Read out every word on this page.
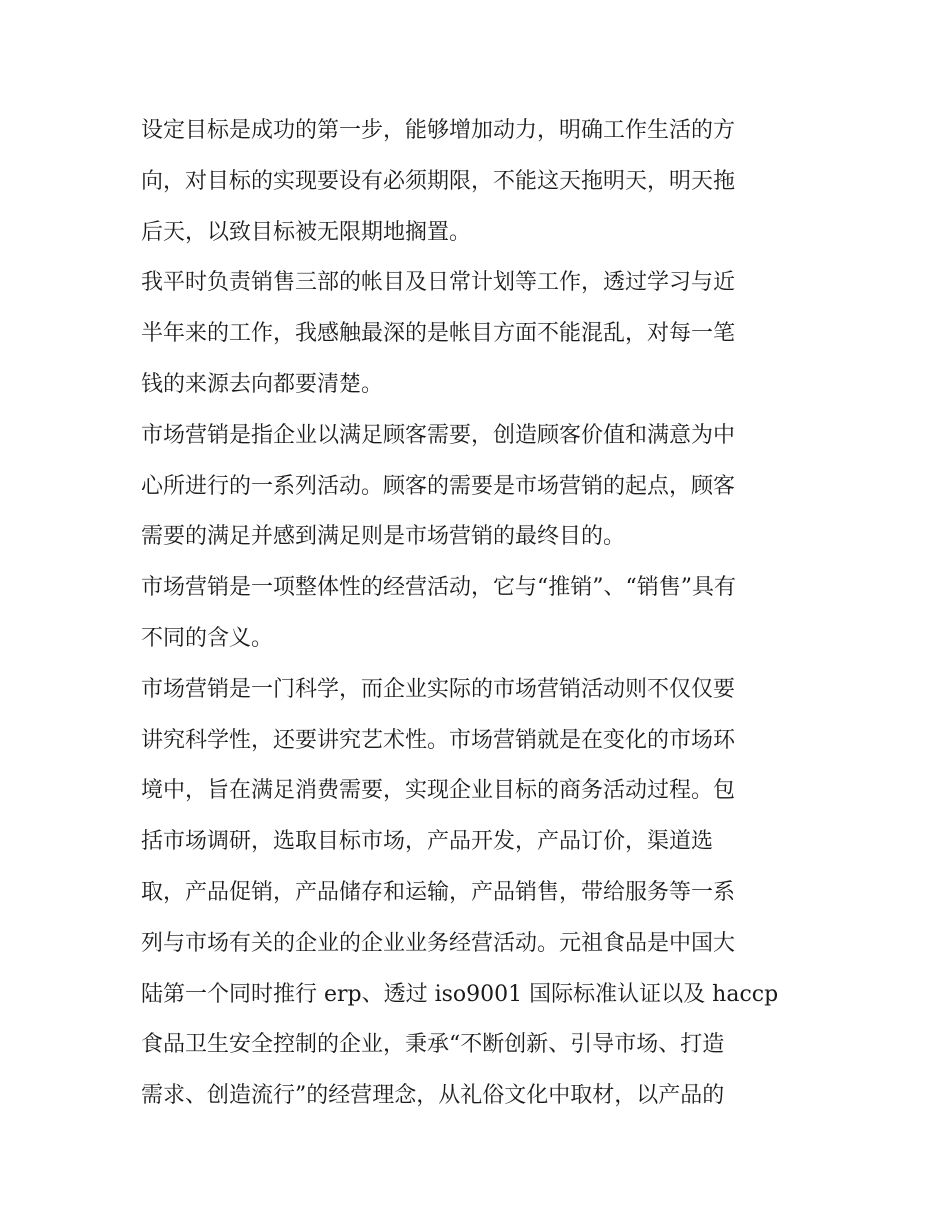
设定目标是成功的第一步，能够增加动力，明确工作生活的方
向，对目标的实现要设有必须期限，不能这天拖明天，明天拖
后天，以致目标被无限期地搁置。
我平时负责销售三部的帐目及日常计划等工作，透过学习与近
半年来的工作，我感触最深的是帐目方面不能混乱，对每一笔
钱的来源去向都要清楚。
市场营销是指企业以满足顾客需要，创造顾客价值和满意为中
心所进行的一系列活动。顾客的需要是市场营销的起点，顾客
需要的满足并感到满足则是市场营销的最终目的。
市场营销是一项整体性的经营活动，它与“推销”、“销售”具有
不同的含义。
市场营销是一门科学，而企业实际的市场营销活动则不仅仅要
讲究科学性，还要讲究艺术性。市场营销就是在变化的市场环
境中，旨在满足消费需要，实现企业目标的商务活动过程。包
括市场调研，选取目标市场，产品开发，产品订价，渠道选
取，产品促销，产品储存和运输，产品销售，带给服务等一系
列与市场有关的企业的企业业务经营活动。元祖食品是中国大
陆第一个同时推行 erp、透过 iso9001 国际标准认证以及 haccp
食品卫生安全控制的企业，秉承“不断创新、引导市场、打造
需求、创造流行”的经营理念，从礼俗文化中取材，以产品的
